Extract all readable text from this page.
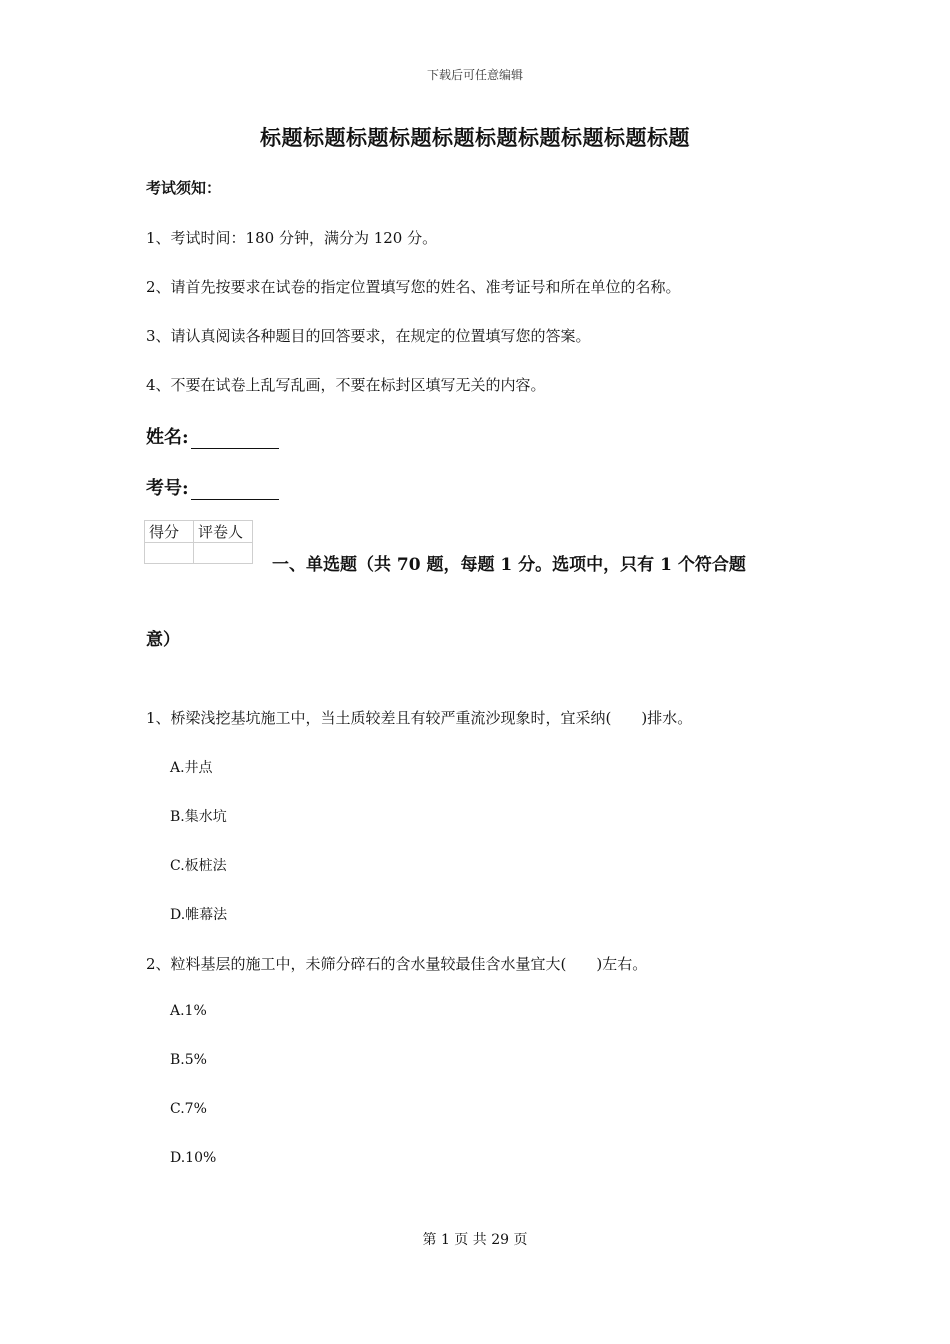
下载后可任意编辑
标题标题标题标题标题标题标题标题标题标题
考试须知：
1、考试时间：180 分钟，满分为 120 分。
2、请首先按要求在试卷的指定位置填写您的姓名、准考证号和所在单位的名称。
3、请认真阅读各种题目的回答要求，在规定的位置填写您的答案。
4、不要在试卷上乱写乱画，不要在标封区填写无关的内容。
姓名:
考号:
得分	评卷人

一、单选题（共 70 题，每题 1 分。选项中，只有 1 个符合题
意）
1、桥梁浅挖基坑施工中，当土质较差且有较严重流沙现象时，宜采纳(　　)排水。
A.井点
B.集水坑
C.板桩法
D.帷幕法
2、粒料基层的施工中，未筛分碎石的含水量较最佳含水量宜大(　　)左右。
A.1%
B.5%
C.7%
D.10%
第 1 页 共 29 页
